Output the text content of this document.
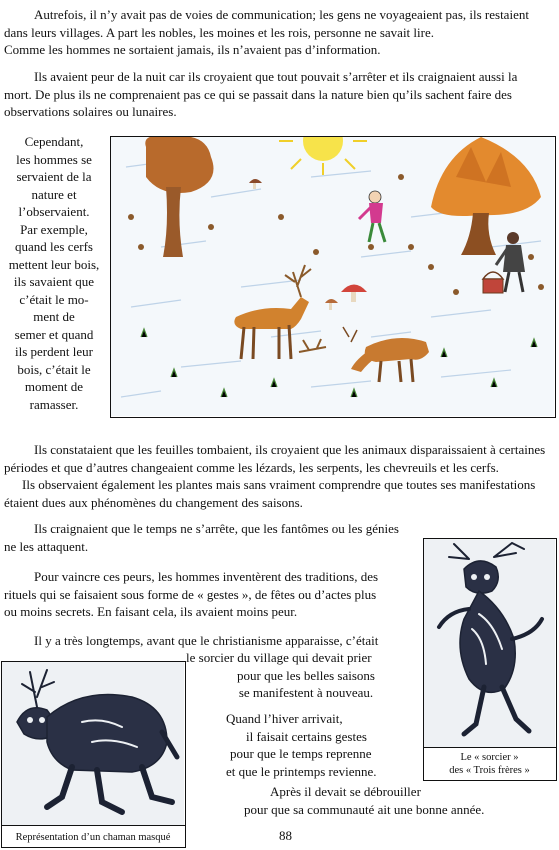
Autrefois, il n’y avait pas de voies de communication; les gens ne voyageaient pas, ils restaient
dans leurs villages. A part les nobles, les moines et les rois, personne ne savait lire.
Comme les hommes ne sortaient jamais, ils n’avaient pas d’information.
Ils avaient peur de la nuit car ils croyaient que tout pouvait s’arrêter et ils craignaient aussi la
mort. De plus ils ne comprenaient pas ce qui se passait dans la nature bien qu’ils sachent faire des
observations solaires ou lunaires.
Cependant,
les hommes se
servaient de la
nature et
l’observaient.
Par exemple,
quand les cerfs
mettent leur bois,
ils savaient que
c’était le mo-
ment de
semer et quand
ils perdent leur
bois, c’était le
moment de
ramasser.
Ils constataient que les feuilles tombaient, ils croyaient que les animaux disparaissaient à certaines
périodes et que d’autres changeaient comme les lézards, les serpents, les chevreuils et les cerfs.
Ils observaient également les plantes mais sans vraiment comprendre que toutes ses manifestations
étaient dues aux phénomènes du changement des saisons.
Ils craignaient que le temps ne s’arrête, que les fantômes ou les génies
ne les attaquent.
Le « sorcier »
des « Trois frères »
Pour vaincre ces peurs, les hommes inventèrent des traditions, des
rituels qui se faisaient sous forme de « gestes », de fêtes ou d’actes plus
ou moins secrets. En faisant cela, ils avaient moins peur.
Il y a très longtemps, avant que le christianisme apparaisse, c’était
le sorcier du village qui devait prier
pour que les belles saisons
se manifestent à nouveau.
Représentation d’un chaman masqué
Quand l’hiver arrivait,
il faisait certains gestes
pour que le temps reprenne
et que le printemps revienne.
Après il devait se débrouiller
pour que sa communauté ait une bonne année.
88
